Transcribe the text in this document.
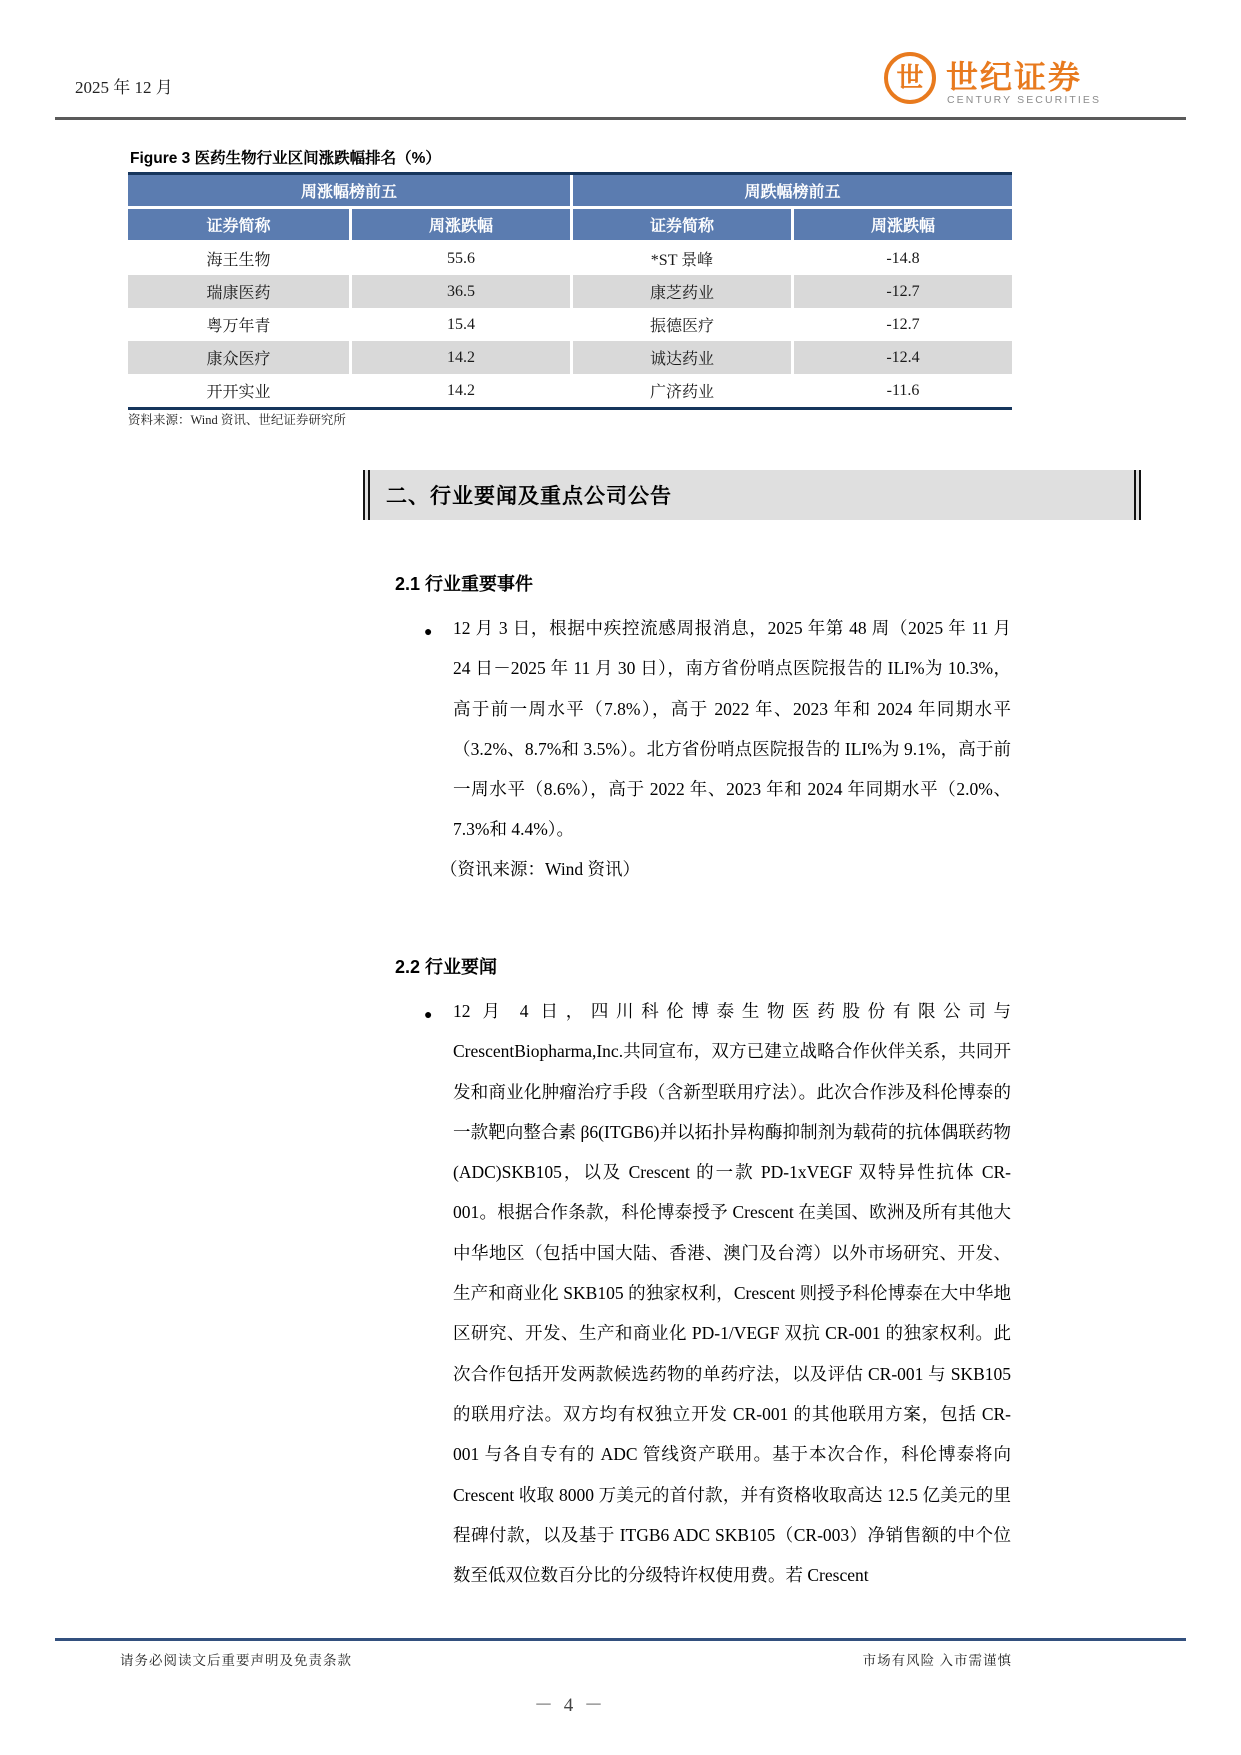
2025 年 12 月	世 世纪证券
CENTURY SECURITIES
Figure 3 医药生物行业区间涨跌幅排名（%）
周涨幅榜前五	周跌幅榜前五
证券简称	周涨跌幅	证券简称	周涨跌幅
海王生物	55.6	*ST 景峰	-14.8
瑞康医药	36.5	康芝药业	-12.7
粤万年青	15.4	振德医疗	-12.7
康众医疗	14.2	诚达药业	-12.4
开开实业	14.2	广济药业	-11.6
资料来源：Wind 资讯、世纪证券研究所
二、行业要闻及重点公司公告
2.1 行业重要事件
● 12 月 3 日，根据中疾控流感周报消息，2025 年第 48 周（2025 年 11 月 24 日－2025 年 11 月 30 日），南方省份哨点医院报告的 ILI%为 10.3%，高于前一周水平（7.8%），高于 2022 年、2023 年和 2024 年同期水平（3.2%、8.7%和 3.5%）。北方省份哨点医院报告的 ILI%为 9.1%，高于前一周水平（8.6%），高于 2022 年、2023 年和 2024 年同期水平（2.0%、7.3%和 4.4%）。
（资讯来源：Wind 资讯）
2.2 行业要闻
● 12 月 4 日，四川科伦博泰生物医药股份有限公司与 CrescentBiopharma,Inc.共同宣布，双方已建立战略合作伙伴关系，共同开发和商业化肿瘤治疗手段（含新型联用疗法）。此次合作涉及科伦博泰的一款靶向整合素 β6(ITGB6)并以拓扑异构酶抑制剂为载荷的抗体偶联药物(ADC)SKB105，以及 Crescent 的一款 PD-1xVEGF 双特异性抗体 CR-001。根据合作条款，科伦博泰授予 Crescent 在美国、欧洲及所有其他大中华地区（包括中国大陆、香港、澳门及台湾）以外市场研究、开发、生产和商业化 SKB105 的独家权利，Crescent 则授予科伦博泰在大中华地区研究、开发、生产和商业化 PD-1/VEGF 双抗 CR-001 的独家权利。此次合作包括开发两款候选药物的单药疗法，以及评估 CR-001 与 SKB105 的联用疗法。双方均有权独立开发 CR-001 的其他联用方案，包括 CR-001 与各自专有的 ADC 管线资产联用。基于本次合作，科伦博泰将向 Crescent 收取 8000 万美元的首付款，并有资格收取高达 12.5 亿美元的里程碑付款，以及基于 ITGB6 ADC SKB105（CR-003）净销售额的中个位数至低双位数百分比的分级特许权使用费。若 Crescent
请务必阅读文后重要声明及免责条款	市场有风险 入市需谨慎
－ 4 －
